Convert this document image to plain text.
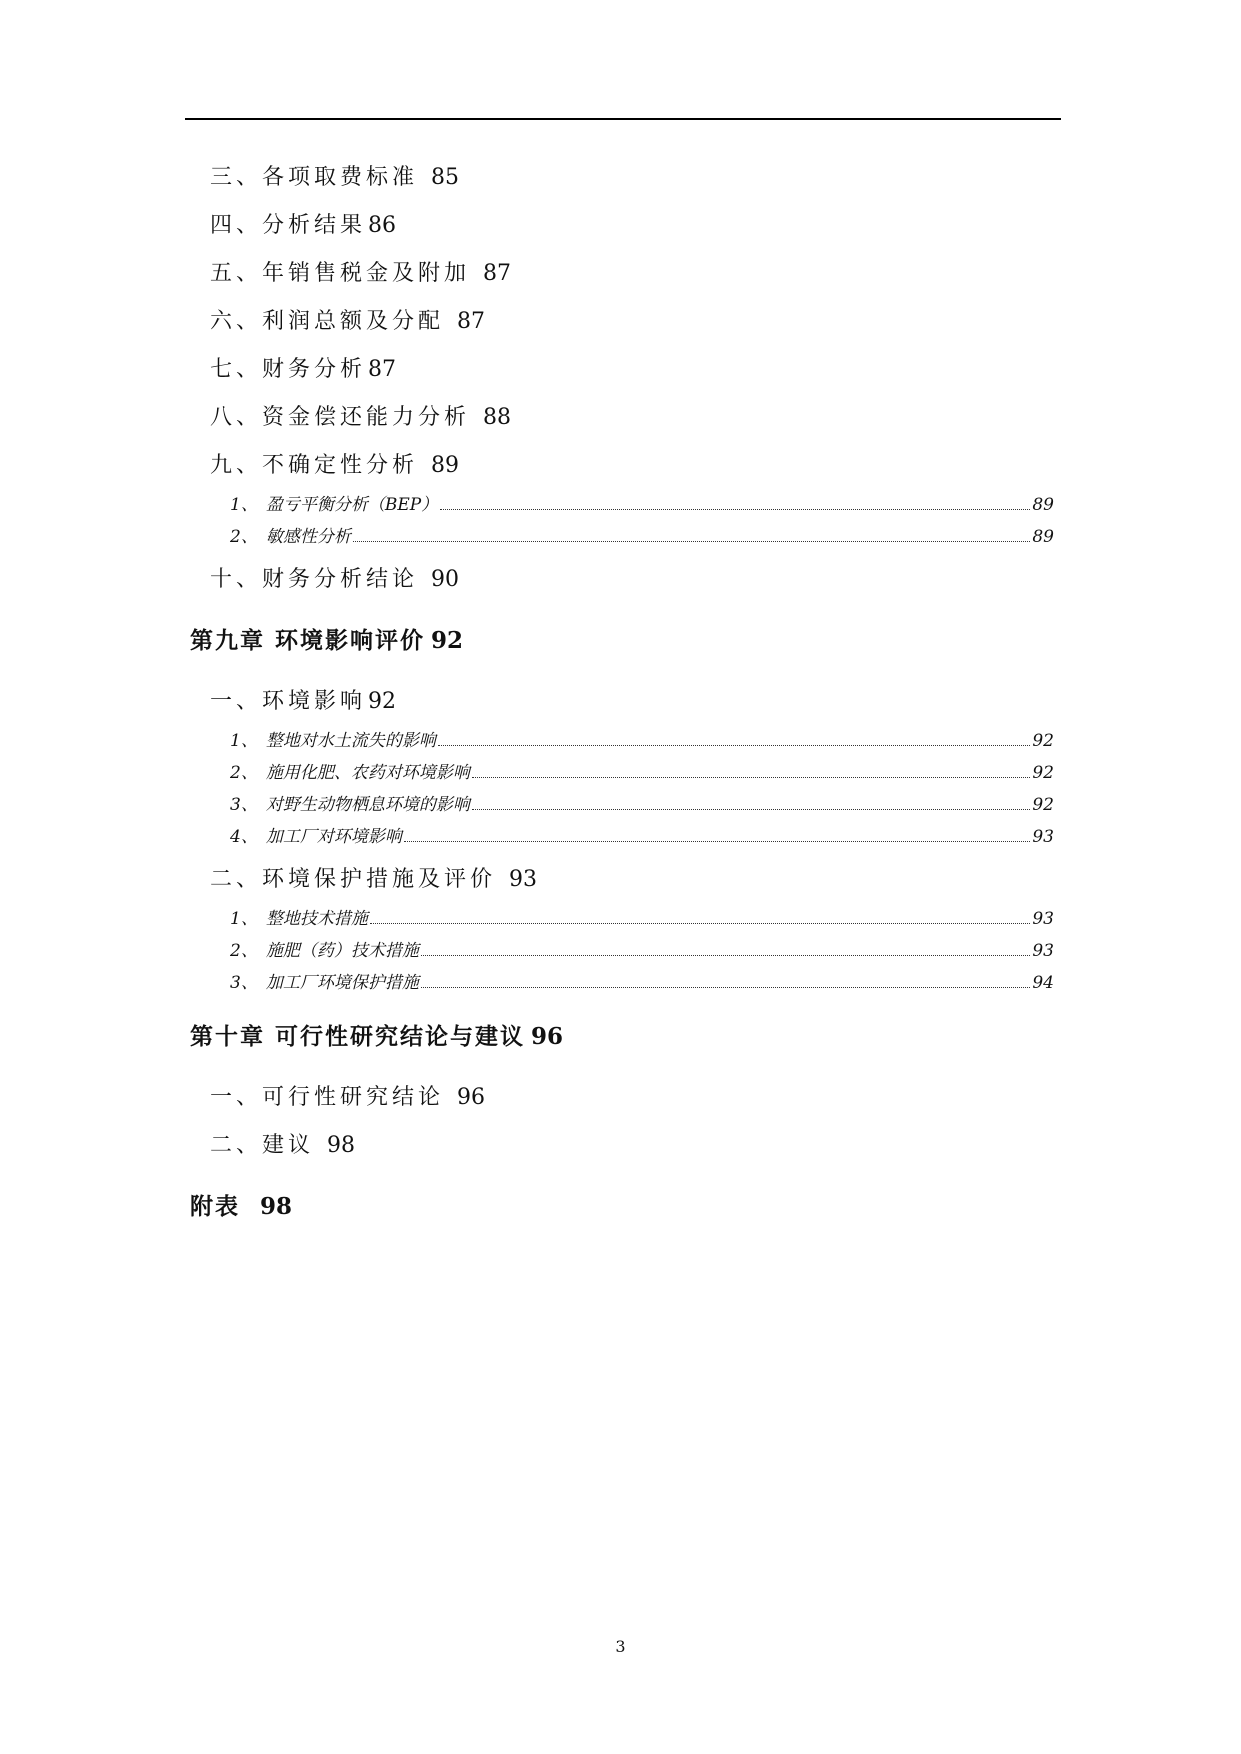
三、各项取费标准 85
四、分析结果86
五、年销售税金及附加 87
六、利润总额及分配 87
七、财务分析87
八、资金偿还能力分析 88
九、不确定性分析 89
1、 盈亏平衡分析（BEP）	89
2、 敏感性分析	89
十、财务分析结论 90
第九章 环境影响评价 92
一、环境影响92
1、 整地对水土流失的影响	92
2、 施用化肥、农药对环境影响	92
3、 对野生动物栖息环境的影响	92
4、 加工厂对环境影响	93
二、环境保护措施及评价 93
1、 整地技术措施	93
2、 施肥（药）技术措施	93
3、 加工厂环境保护措施	94
第十章 可行性研究结论与建议 96
一、可行性研究结论 96
二、建议 98
附表 98
3
